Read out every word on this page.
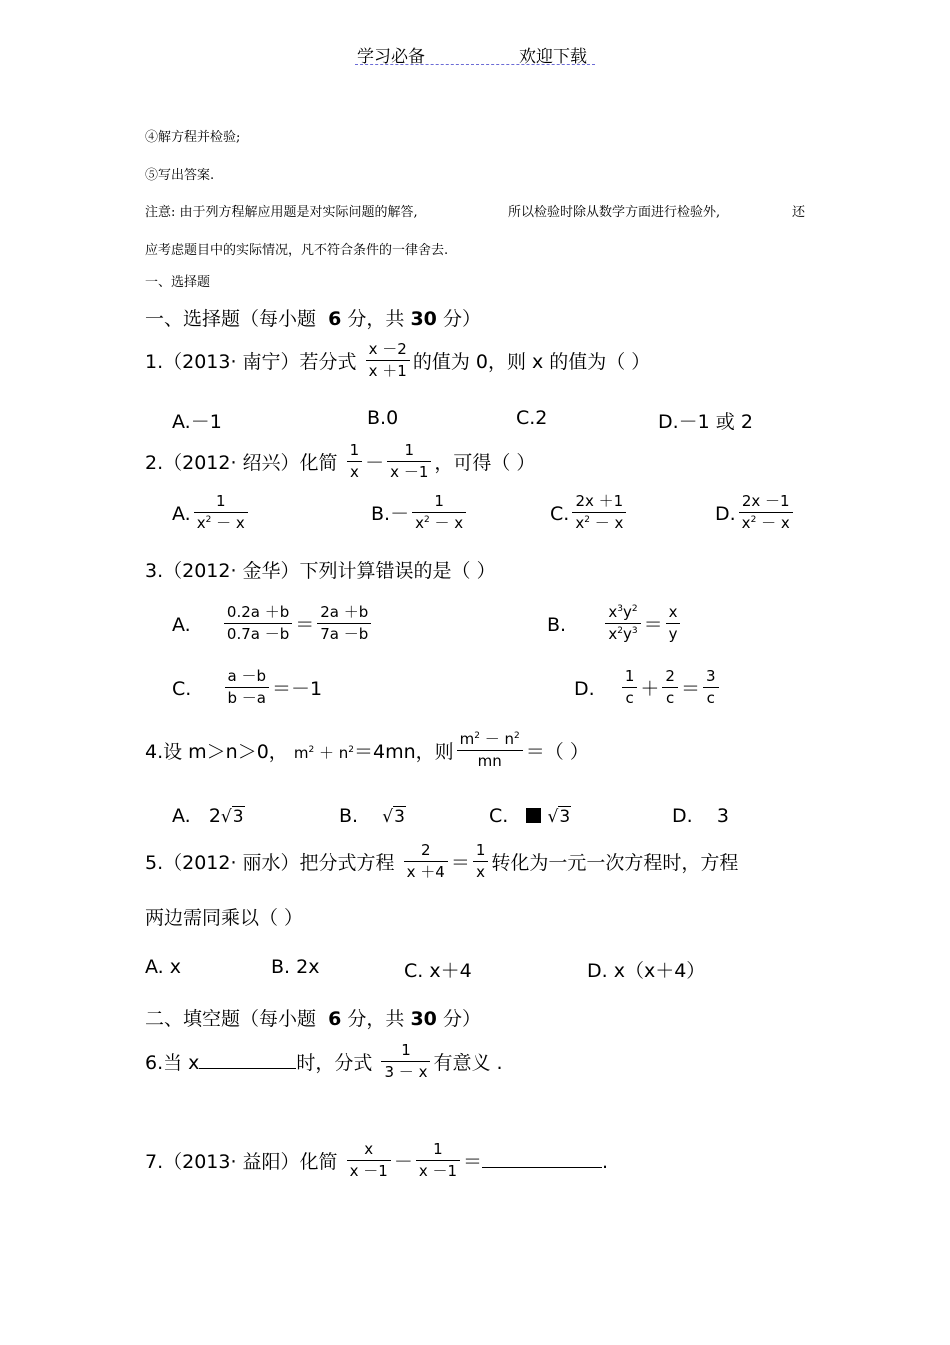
学习必备	欢迎下载
④解方程并检验;
⑤写出答案.
注意: 由于列方程解应用题是对实际问题的解答,	所以检验时除从数学方面进行检验外,	还
应考虑题目中的实际情况，凡不符合条件的一律舍去.
一、选择题
一、选择题（每小题 6 分，共 30 分）
1.（2013· 南宁）若分式 $\frac{x -2}{x +1}$ 的值为 0，则 x 的值为（ ）
A.－1	B.0	C.2	D.－1 或 2
2.（2012· 绍兴）化简 $\frac{1}{x} - \frac{1}{x -1}$ ，可得（ ）
A. $\frac{1}{x^2 - x}$	$B.- \frac{1}{x^2 - x}$	C. $\frac{2x +1}{x^2 - x}$	D. $\frac{2x -1}{x^2 - x}$
3.（2012· 金华）下列计算错误的是（ ）
A. $\frac{0.2a +b}{0.7a -b} = \frac{2a +b}{7a -b}$	B.	$\frac{x^3y^2}{x^2y^3} = \frac{x}{y}$
C. $\frac{a -b}{b -a} =-1$	D. $\frac{1}{c} + \frac{2}{c} = \frac{3}{c}$
4.设 m＞n＞0， $m^2 + n^2=4mn$，则 $\frac{m^2 - n^2}{mn}$ ＝（ ）
A. 2√3	B. √3	C. √3	D. 3
5.（2012· 丽水）把分式方程 $\frac{2}{x +4} = \frac{1}{x}$ 转化为一元一次方程时，方程
两边需同乘以（ ）
A. x	B. 2x	C. x＋4	D. x（x＋4）
二、填空题（每小题 6 分，共 30 分）
6.当 x	时，分式 $\frac{1}{3 - x}$ 有意义 .
7.（2013· 益阳）化简 $\frac{x}{x -1} - \frac{1}{x -1}$ ＝	.
